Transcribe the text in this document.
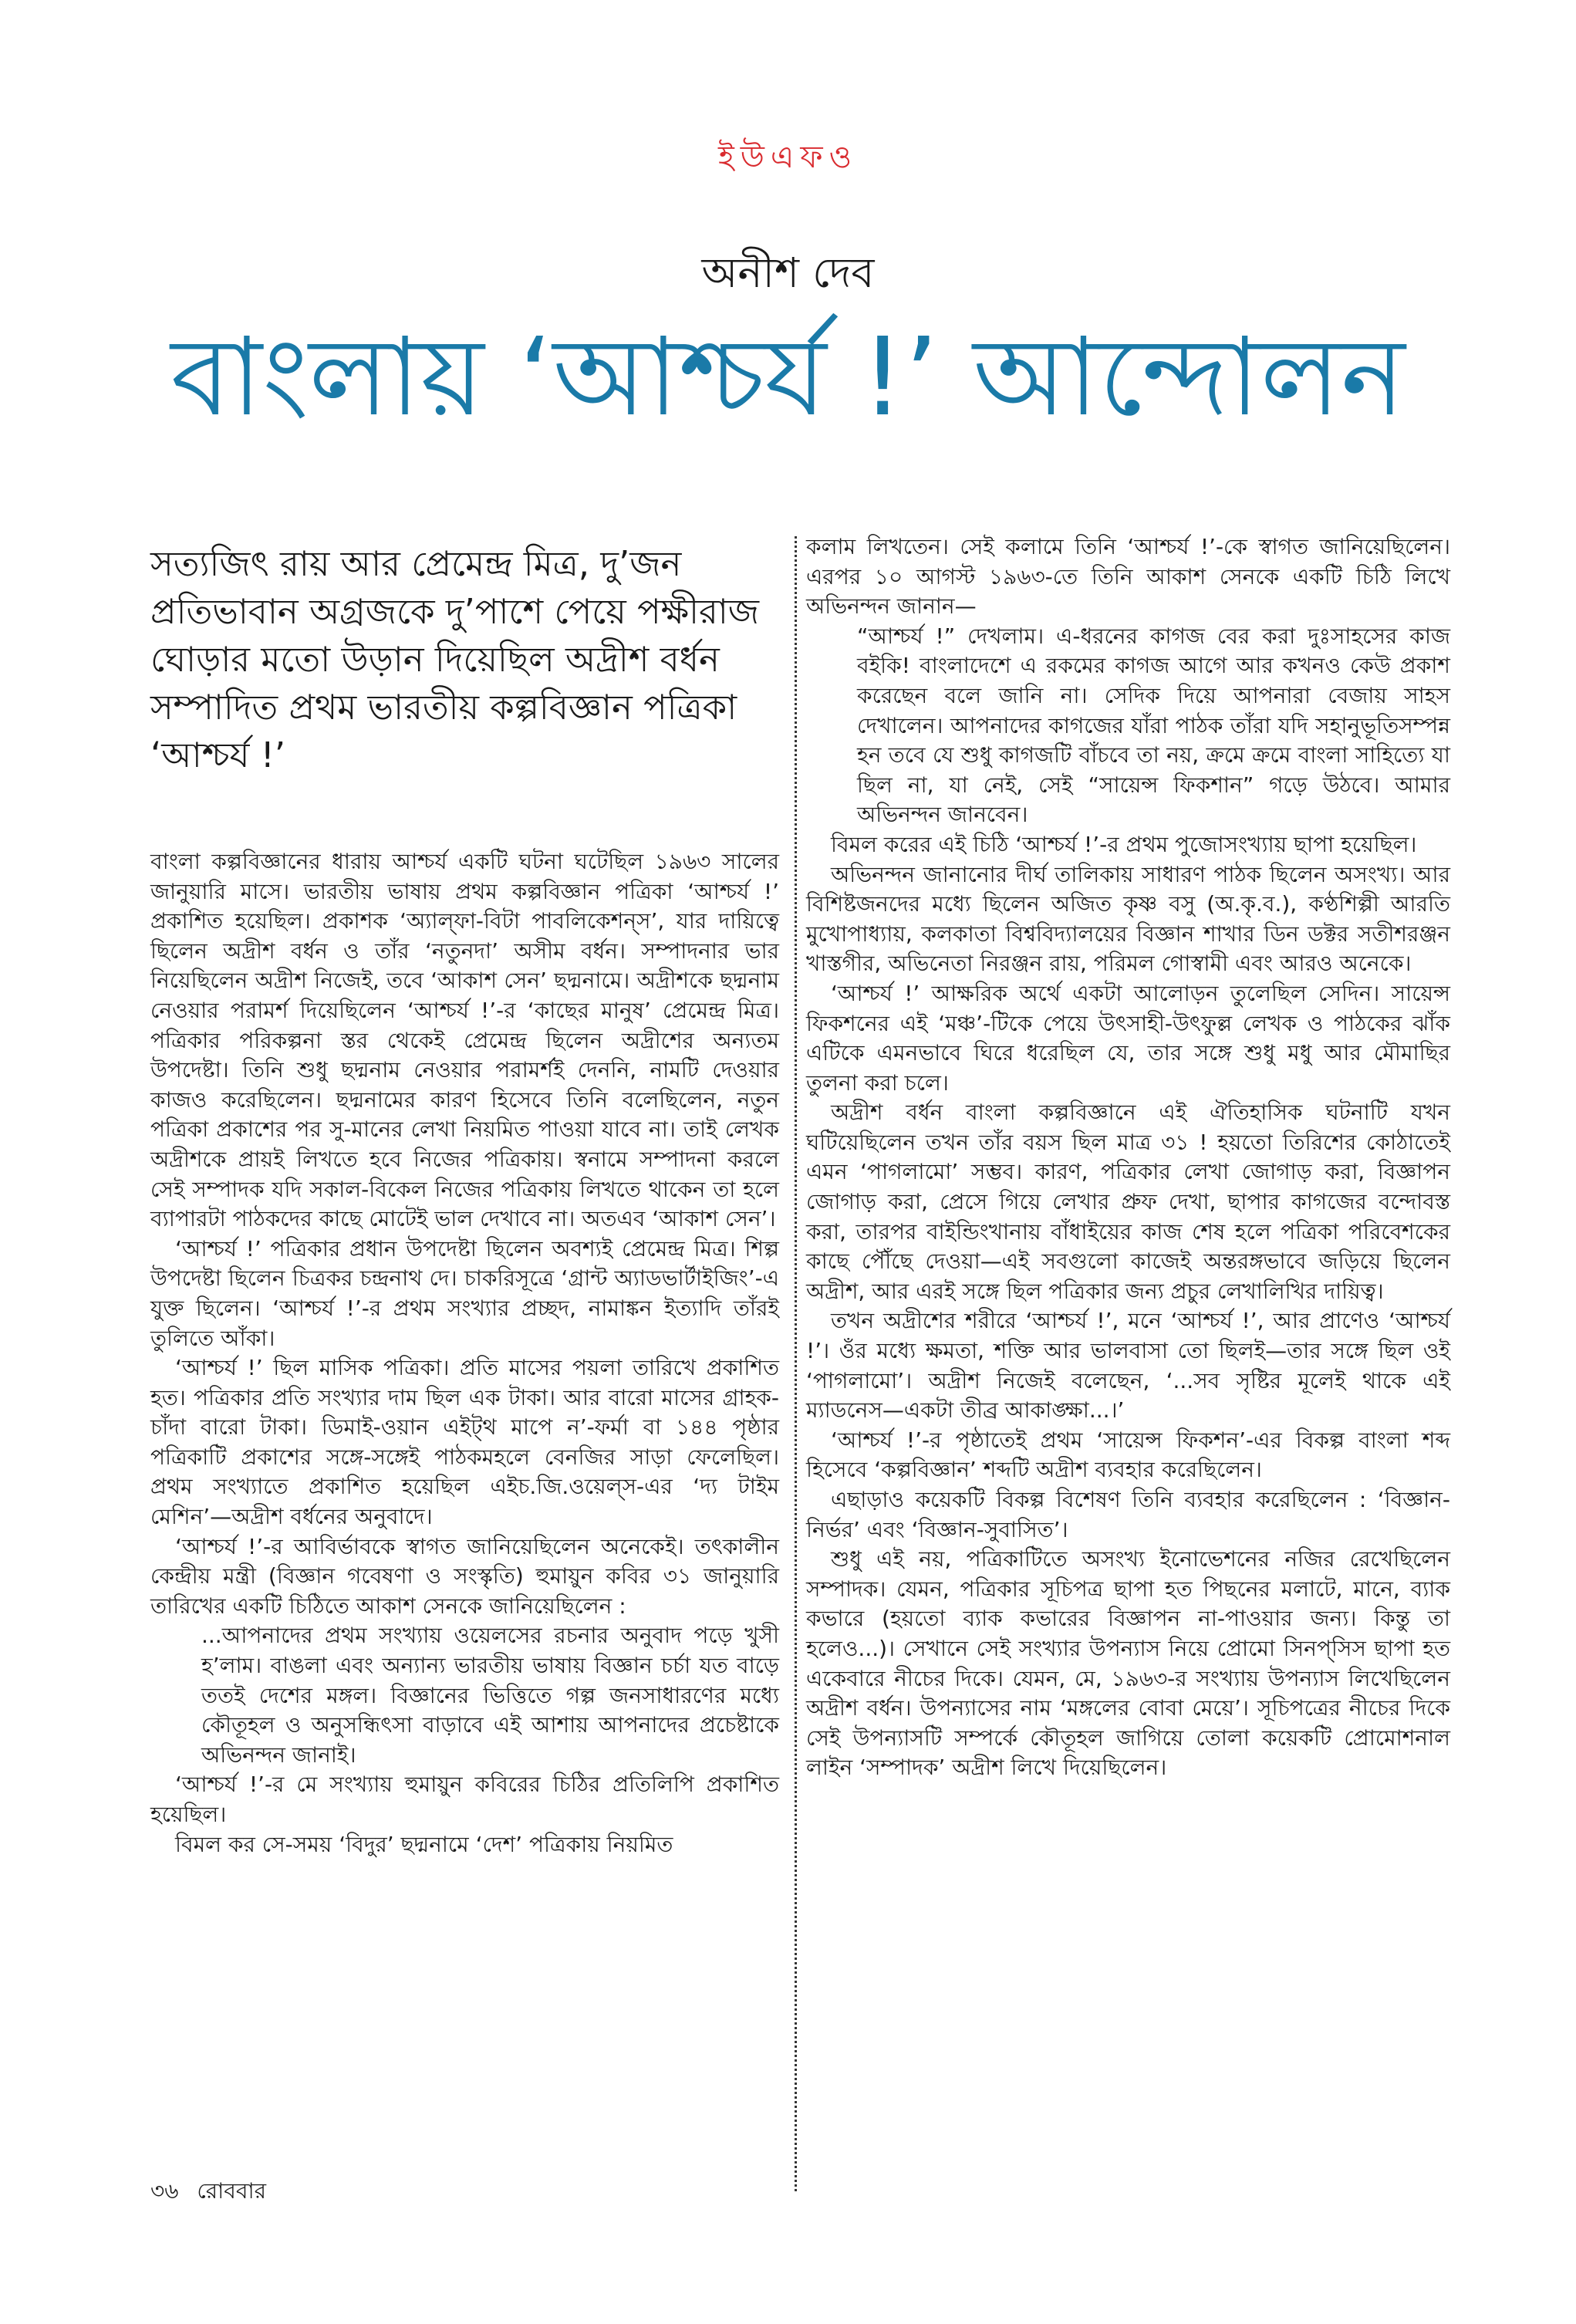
ইউএফও
অনীশ দেব
বাংলায় ‘আশ্চর্য !’ আন্দোলন
সত্যজিৎ রায় আর প্রেমেন্দ্র মিত্র, দু’জন প্রতিভাবান অগ্রজকে দু’পাশে পেয়ে পক্ষীরাজ ঘোড়ার মতো উড়ান দিয়েছিল অদ্রীশ বর্ধন সম্পাদিত প্রথম ভারতীয় কল্পবিজ্ঞান পত্রিকা ‘আশ্চর্য !’

বাংলা কল্পবিজ্ঞানের ধারায় আশ্চর্য একটি ঘটনা ঘটেছিল ১৯৬৩ সালের জানুয়ারি মাসে। ভারতীয় ভাষায় প্রথম কল্পবিজ্ঞান পত্রিকা ‘আশ্চর্য !’ প্রকাশিত হয়েছিল। প্রকাশক ‘অ্যাল্‌ফা-বিটা পাবলিকেশন্‌স’, যার দায়িত্বে ছিলেন অদ্রীশ বর্ধন ও তাঁর ‘নতুনদা’ অসীম বর্ধন। সম্পাদনার ভার নিয়েছিলেন অদ্রীশ নিজেই, তবে ‘আকাশ সেন’ ছদ্মনামে। অদ্রীশকে ছদ্মনাম নেওয়ার পরামর্শ দিয়েছিলেন ‘আশ্চর্য !’-র ‘কাছের মানুষ’ প্রেমেন্দ্র মিত্র। পত্রিকার পরিকল্পনা স্তর থেকেই প্রেমেন্দ্র ছিলেন অদ্রীশের অন্যতম উপদেষ্টা। তিনি শুধু ছদ্মনাম নেওয়ার পরামর্শই দেননি, নামটি দেওয়ার কাজও করেছিলেন। ছদ্মনামের কারণ হিসেবে তিনি বলেছিলেন, নতুন পত্রিকা প্রকাশের পর সু-মানের লেখা নিয়মিত পাওয়া যাবে না। তাই লেখক অদ্রীশকে প্রায়ই লিখতে হবে নিজের পত্রিকায়। স্বনামে সম্পাদনা করলে সেই সম্পাদক যদি সকাল-বিকেল নিজের পত্রিকায় লিখতে থাকেন তা হলে ব্যাপারটা পাঠকদের কাছে মোটেই ভাল দেখাবে না। অতএব ‘আকাশ সেন’।

‘আশ্চর্য !’ পত্রিকার প্রধান উপদেষ্টা ছিলেন অবশ্যই প্রেমেন্দ্র মিত্র। শিল্প উপদেষ্টা ছিলেন চিত্রকর চন্দ্রনাথ দে। চাকরিসূত্রে ‘গ্রান্ট অ্যাডভার্টাইজিং’-এ যুক্ত ছিলেন। ‘আশ্চর্য !’-র প্রথম সংখ্যার প্রচ্ছদ, নামাঙ্কন ইত্যাদি তাঁরই তুলিতে আঁকা।

‘আশ্চর্য !’ ছিল মাসিক পত্রিকা। প্রতি মাসের পয়লা তারিখে প্রকাশিত হত। পত্রিকার প্রতি সংখ্যার দাম ছিল এক টাকা। আর বারো মাসের গ্রাহক-চাঁদা বারো টাকা। ডিমাই-ওয়ান এইট্‌থ মাপে ন’-ফর্মা বা ১৪৪ পৃষ্ঠার পত্রিকাটি প্রকাশের সঙ্গে-সঙ্গেই পাঠকমহলে বেনজির সাড়া ফেলেছিল। প্রথম সংখ্যাতে প্রকাশিত হয়েছিল এইচ.জি.ওয়েল্‌স-এর ‘দ্য টাইম মেশিন’—অদ্রীশ বর্ধনের অনুবাদে।

‘আশ্চর্য !’-র আবির্ভাবকে স্বাগত জানিয়েছিলেন অনেকেই। তৎকালীন কেন্দ্রীয় মন্ত্রী (বিজ্ঞান গবেষণা ও সংস্কৃতি) হুমায়ুন কবির ৩১ জানুয়ারি তারিখের একটি চিঠিতে আকাশ সেনকে জানিয়েছিলেন :

...আপনাদের প্রথম সংখ্যায় ওয়েলসের রচনার অনুবাদ পড়ে খুসী হ’লাম। বাঙলা এবং অন্যান্য ভারতীয় ভাষায় বিজ্ঞান চর্চা যত বাড়ে ততই দেশের মঙ্গল। বিজ্ঞানের ভিত্তিতে গল্প জনসাধারণের মধ্যে কৌতূহল ও অনুসন্ধিৎসা বাড়াবে এই আশায় আপনাদের প্রচেষ্টাকে অভিনন্দন জানাই।

‘আশ্চর্য !’-র মে সংখ্যায় হুমায়ুন কবিরের চিঠির প্রতিলিপি প্রকাশিত হয়েছিল।

বিমল কর সে-সময় ‘বিদুর’ ছদ্মনামে ‘দেশ’ পত্রিকায় নিয়মিত

কলাম লিখতেন। সেই কলামে তিনি ‘আশ্চর্য !’-কে স্বাগত জানিয়েছিলেন। এরপর ১০ আগস্ট ১৯৬৩-তে তিনি আকাশ সেনকে একটি চিঠি লিখে অভিনন্দন জানান—

“আশ্চর্য !” দেখলাম। এ-ধরনের কাগজ বের করা দুঃসাহসের কাজ বইকি! বাংলাদেশে এ রকমের কাগজ আগে আর কখনও কেউ প্রকাশ করেছেন বলে জানি না। সেদিক দিয়ে আপনারা বেজায় সাহস দেখালেন। আপনাদের কাগজের যাঁরা পাঠক তাঁরা যদি সহানুভূতিসম্পন্ন হন তবে যে শুধু কাগজটি বাঁচবে তা নয়, ক্রমে ক্রমে বাংলা সাহিত্যে যা ছিল না, যা নেই, সেই “সায়েন্স ফিকশান” গড়ে উঠবে। আমার অভিনন্দন জানবেন।

বিমল করের এই চিঠি ‘আশ্চর্য !’-র প্রথম পুজোসংখ্যায় ছাপা হয়েছিল।

অভিনন্দন জানানোর দীর্ঘ তালিকায় সাধারণ পাঠক ছিলেন অসংখ্য। আর বিশিষ্টজনদের মধ্যে ছিলেন অজিত কৃষ্ণ বসু (অ.কৃ.ব.), কণ্ঠশিল্পী আরতি মুখোপাধ্যায়, কলকাতা বিশ্ববিদ্যালয়ের বিজ্ঞান শাখার ডিন ডক্টর সতীশরঞ্জন খাস্তগীর, অভিনেতা নিরঞ্জন রায়, পরিমল গোস্বামী এবং আরও অনেকে।

‘আশ্চর্য !’ আক্ষরিক অর্থে একটা আলোড়ন তুলেছিল সেদিন। সায়েন্স ফিকশনের এই ‘মঞ্চ’-টিকে পেয়ে উৎসাহী-উৎফুল্ল লেখক ও পাঠকের ঝাঁক এটিকে এমনভাবে ঘিরে ধরেছিল যে, তার সঙ্গে শুধু মধু আর মৌমাছির তুলনা করা চলে।

অদ্রীশ বর্ধন বাংলা কল্পবিজ্ঞানে এই ঐতিহাসিক ঘটনাটি যখন ঘটিয়েছিলেন তখন তাঁর বয়স ছিল মাত্র ৩১ ! হয়তো তিরিশের কোঠাতেই এমন ‘পাগলামো’ সম্ভব। কারণ, পত্রিকার লেখা জোগাড় করা, বিজ্ঞাপন জোগাড় করা, প্রেসে গিয়ে লেখার প্রুফ দেখা, ছাপার কাগজের বন্দোবস্ত করা, তারপর বাইন্ডিংখানায় বাঁধাইয়ের কাজ শেষ হলে পত্রিকা পরিবেশকের কাছে পৌঁছে দেওয়া—এই সবগুলো কাজেই অন্তরঙ্গভাবে জড়িয়ে ছিলেন অদ্রীশ, আর এরই সঙ্গে ছিল পত্রিকার জন্য প্রচুর লেখালিখির দায়িত্ব।

তখন অদ্রীশের শরীরে ‘আশ্চর্য !’, মনে ‘আশ্চর্য !’, আর প্রাণেও ‘আশ্চর্য !’। ওঁর মধ্যে ক্ষমতা, শক্তি আর ভালবাসা তো ছিলই—তার সঙ্গে ছিল ওই ‘পাগলামো’। অদ্রীশ নিজেই বলেছেন, ‘...সব সৃষ্টির মূলেই থাকে এই ম্যাডনেস—একটা তীব্র আকাঙ্ক্ষা...।’

‘আশ্চর্য !’-র পৃষ্ঠাতেই প্রথম ‘সায়েন্স ফিকশন’-এর বিকল্প বাংলা শব্দ হিসেবে ‘কল্পবিজ্ঞান’ শব্দটি অদ্রীশ ব্যবহার করেছিলেন।

এছাড়াও কয়েকটি বিকল্প বিশেষণ তিনি ব্যবহার করেছিলেন : ‘বিজ্ঞান-নির্ভর’ এবং ‘বিজ্ঞান-সুবাসিত’।

শুধু এই নয়, পত্রিকাটিতে অসংখ্য ইনোভেশনের নজির রেখেছিলেন সম্পাদক। যেমন, পত্রিকার সূচিপত্র ছাপা হত পিছনের মলাটে, মানে, ব্যাক কভারে (হয়তো ব্যাক কভারের বিজ্ঞাপন না-পাওয়ার জন্য। কিন্তু তা হলেও...)। সেখানে সেই সংখ্যার উপন্যাস নিয়ে প্রোমো সিনপ্‌সিস ছাপা হত একেবারে নীচের দিকে। যেমন, মে, ১৯৬৩-র সংখ্যায় উপন্যাস লিখেছিলেন অদ্রীশ বর্ধন। উপন্যাসের নাম ‘মঙ্গলের বোবা মেয়ে’। সূচিপত্রের নীচের দিকে সেই উপন্যাসটি সম্পর্কে কৌতূহল জাগিয়ে তোলা কয়েকটি প্রোমোশনাল লাইন ‘সম্পাদক’ অদ্রীশ লিখে দিয়েছিলেন।

৩৬ রোববার
